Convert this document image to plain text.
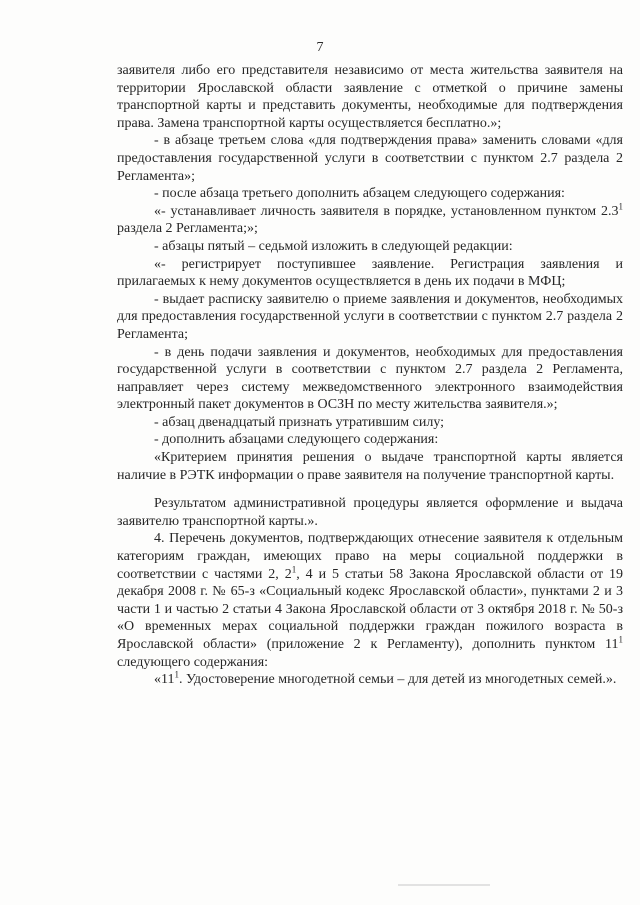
7

заявителя либо его представителя независимо от места жительства заявителя на территории Ярославской области заявление с отметкой о причине замены транспортной карты и представить документы, необходимые для подтверждения права. Замена транспортной карты осуществляется бесплатно.»;

- в абзаце третьем слова «для подтверждения права» заменить словами «для предоставления государственной услуги в соответствии с пунктом 2.7 раздела 2 Регламента»;

- после абзаца третьего дополнить абзацем следующего содержания:

«- устанавливает личность заявителя в порядке, установленном пунктом $2.3^1$ раздела 2 Регламента;»;

- абзацы пятый – седьмой изложить в следующей редакции:

«- регистрирует поступившее заявление. Регистрация заявления и прилагаемых к нему документов осуществляется в день их подачи в МФЦ;

- выдает расписку заявителю о приеме заявления и документов, необходимых для предоставления государственной услуги в соответствии с пунктом 2.7 раздела 2 Регламента;

- в день подачи заявления и документов, необходимых для предоставления государственной услуги в соответствии с пунктом 2.7 раздела 2 Регламента, направляет через систему межведомственного электронного взаимодействия электронный пакет документов в ОСЗН по месту жительства заявителя.»;

- абзац двенадцатый признать утратившим силу;

- дополнить абзацами следующего содержания:

«Критерием принятия решения о выдаче транспортной карты является наличие в РЭТК информации о праве заявителя на получение транспортной карты.

Результатом административной процедуры является оформление и выдача заявителю транспортной карты.».

4. Перечень документов, подтверждающих отнесение заявителя к отдельным категориям граждан, имеющих право на меры социальной поддержки в соответствии с частями 2, $2^1$, 4 и 5 статьи 58 Закона Ярославской области от 19 декабря 2008 г. № 65-з «Социальный кодекс Ярославской области», пунктами 2 и 3 части 1 и частью 2 статьи 4 Закона Ярославской области от 3 октября 2018 г. № 50-з «О временных мерах социальной поддержки граждан пожилого возраста в Ярославской области» (приложение 2 к Регламенту), дополнить пунктом $11^1$ следующего содержания:

«$11^1$. Удостоверение многодетной семьи – для детей из многодетных семей.».
